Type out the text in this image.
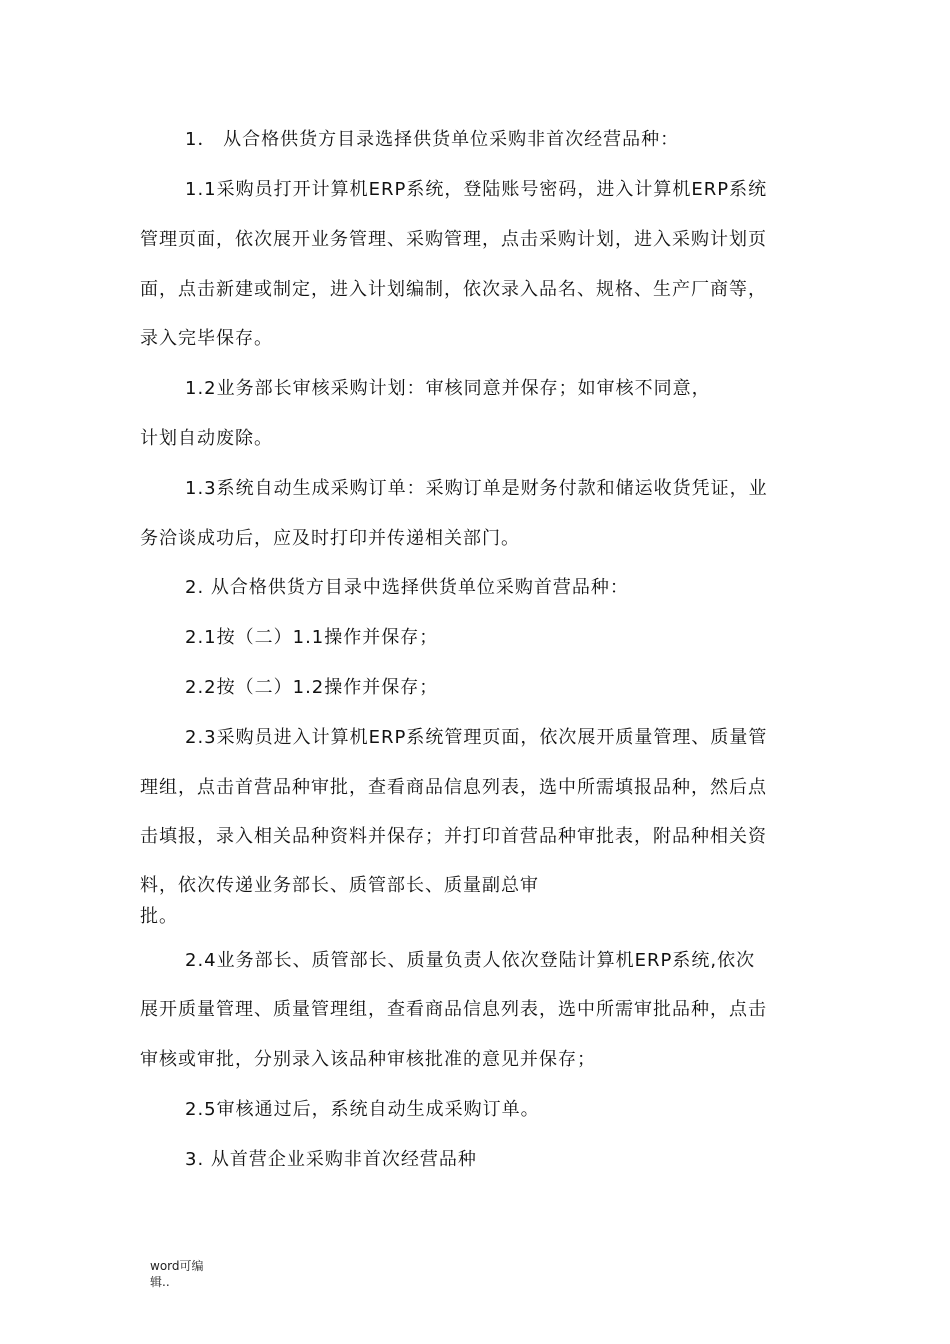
1． 从合格供货方目录选择供货单位采购非首次经营品种：
1.1采购员打开计算机ERP系统，登陆账号密码，进入计算机ERP系统
管理页面，依次展开业务管理、采购管理，点击采购计划，进入采购计划页
面，点击新建或制定，进入计划编制，依次录入品名、规格、生产厂商等，
录入完毕保存。
1.2业务部长审核采购计划：审核同意并保存；如审核不同意，
计划自动废除。
1.3系统自动生成采购订单：采购订单是财务付款和储运收货凭证，业
务洽谈成功后，应及时打印并传递相关部门。
2. 从合格供货方目录中选择供货单位采购首营品种：
2.1按（二）1.1操作并保存；
2.2按（二）1.2操作并保存；
2.3采购员进入计算机ERP系统管理页面，依次展开质量管理、质量管
理组，点击首营品种审批，查看商品信息列表，选中所需填报品种，然后点
击填报，录入相关品种资料并保存；并打印首营品种审批表，附品种相关资
料，依次传递业务部长、质管部长、质量副总审
批。
2.4业务部长、质管部长、质量负责人依次登陆计算机ERP系统,依次
展开质量管理、质量管理组，查看商品信息列表，选中所需审批品种，点击
审核或审批，分别录入该品种审核批准的意见并保存；
2.5审核通过后，系统自动生成采购订单。
3. 从首营企业采购非首次经营品种
word可编
辑..
